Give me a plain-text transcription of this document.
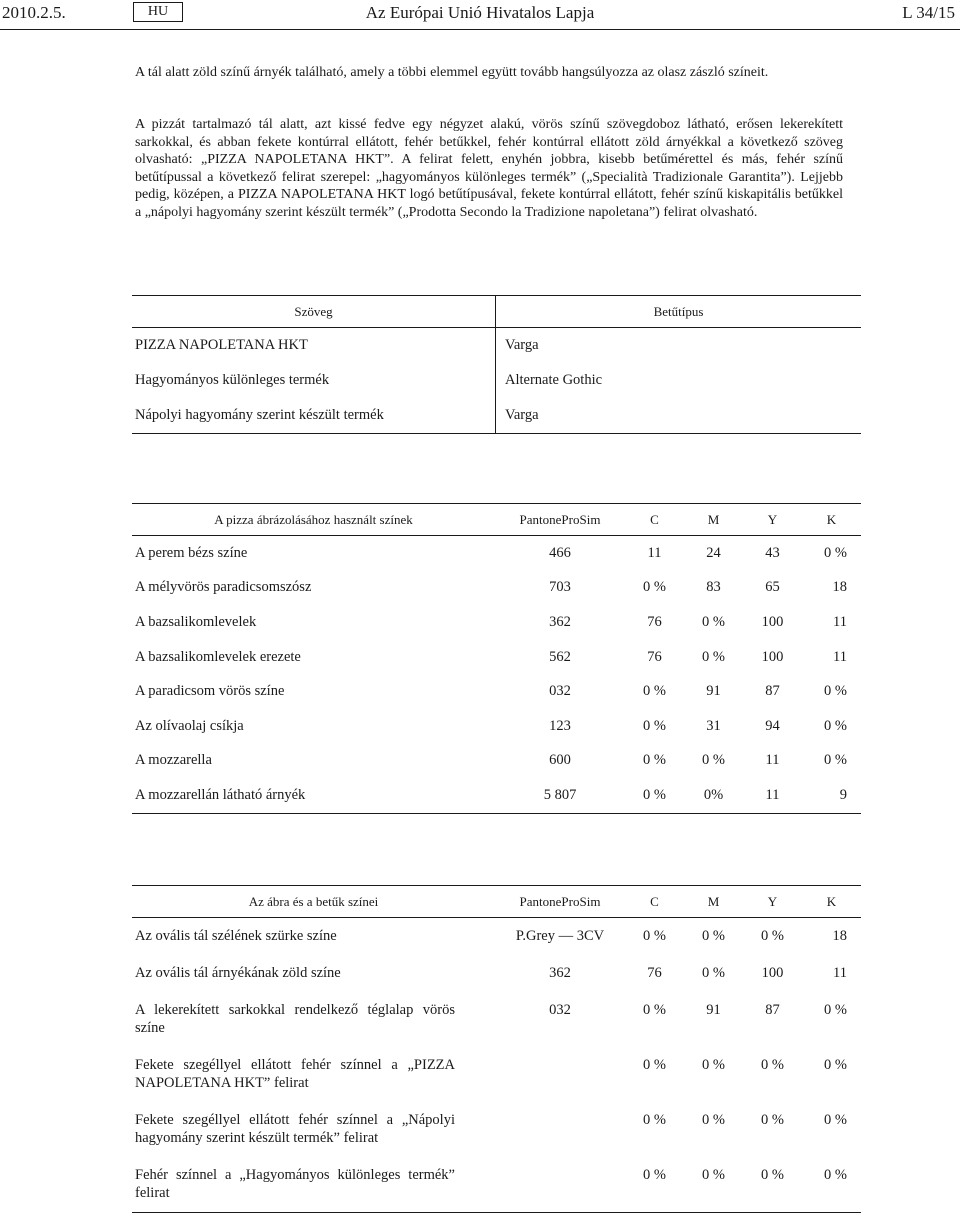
2010.2.5.	HU	Az Európai Unió Hivatalos Lapja	L 34/15

A tál alatt zöld színű árnyék található, amely a többi elemmel együtt tovább hangsúlyozza az olasz zászló színeit.

A pizzát tartalmazó tál alatt, azt kissé fedve egy négyzet alakú, vörös színű szövegdoboz látható, erősen lekerekített sarkokkal, és abban fekete kontúrral ellátott, fehér betűkkel, fehér kontúrral ellátott zöld árnyékkal a következő szöveg olvasható: „PIZZA NAPOLETANA HKT”. A felirat felett, enyhén jobbra, kisebb betűmérettel és más, fehér színű betűtípussal a következő felirat szerepel: „hagyományos különleges termék” („Specialità Tradizionale Garantita”). Lejjebb pedig, középen, a PIZZA NAPOLETANA HKT logó betűtípusával, fekete kontúrral ellátott, fehér színű kiskapitális betűkkel a „nápolyi hagyomány szerint készült termék” („Prodotta Secondo la Tradizione napoletana”) felirat olvasható.

Szöveg	Betűtípus
PIZZA NAPOLETANA HKT	Varga
Hagyományos különleges termék	Alternate Gothic
Nápolyi hagyomány szerint készült termék	Varga
A pizza ábrázolásához használt színek	PantoneProSim	C	M	Y	K
A perem bézs színe	466	11	24	43	0 %
A mélyvörös paradicsomszósz	703	0 %	83	65	18
A bazsalikomlevelek	362	76	0 %	100	11
A bazsalikomlevelek erezete	562	76	0 %	100	11
A paradicsom vörös színe	032	0 %	91	87	0 %
Az olívaolaj csíkja	123	0 %	31	94	0 %
A mozzarella	600	0 %	0 %	11	0 %
A mozzarellán látható árnyék	5 807	0 %	0%	11	9
Az ábra és a betűk színei	PantoneProSim	C	M	Y	K
Az ovális tál szélének szürke színe	P.Grey — 3CV	0 %	0 %	0 %	18
Az ovális tál árnyékának zöld színe	362	76	0 %	100	11
A lekerekített sarkokkal rendelkező téglalap vörös színe	032	0 %	91	87	0 %
Fekete szegéllyel ellátott fehér színnel a „PIZZA NAPOLETANA HKT” felirat		0 %	0 %	0 %	0 %
Fekete szegéllyel ellátott fehér színnel a „Nápolyi hagyomány szerint készült termék” felirat		0 %	0 %	0 %	0 %
Fehér színnel a „Hagyományos különleges termék” felirat		0 %	0 %	0 %	0 %
